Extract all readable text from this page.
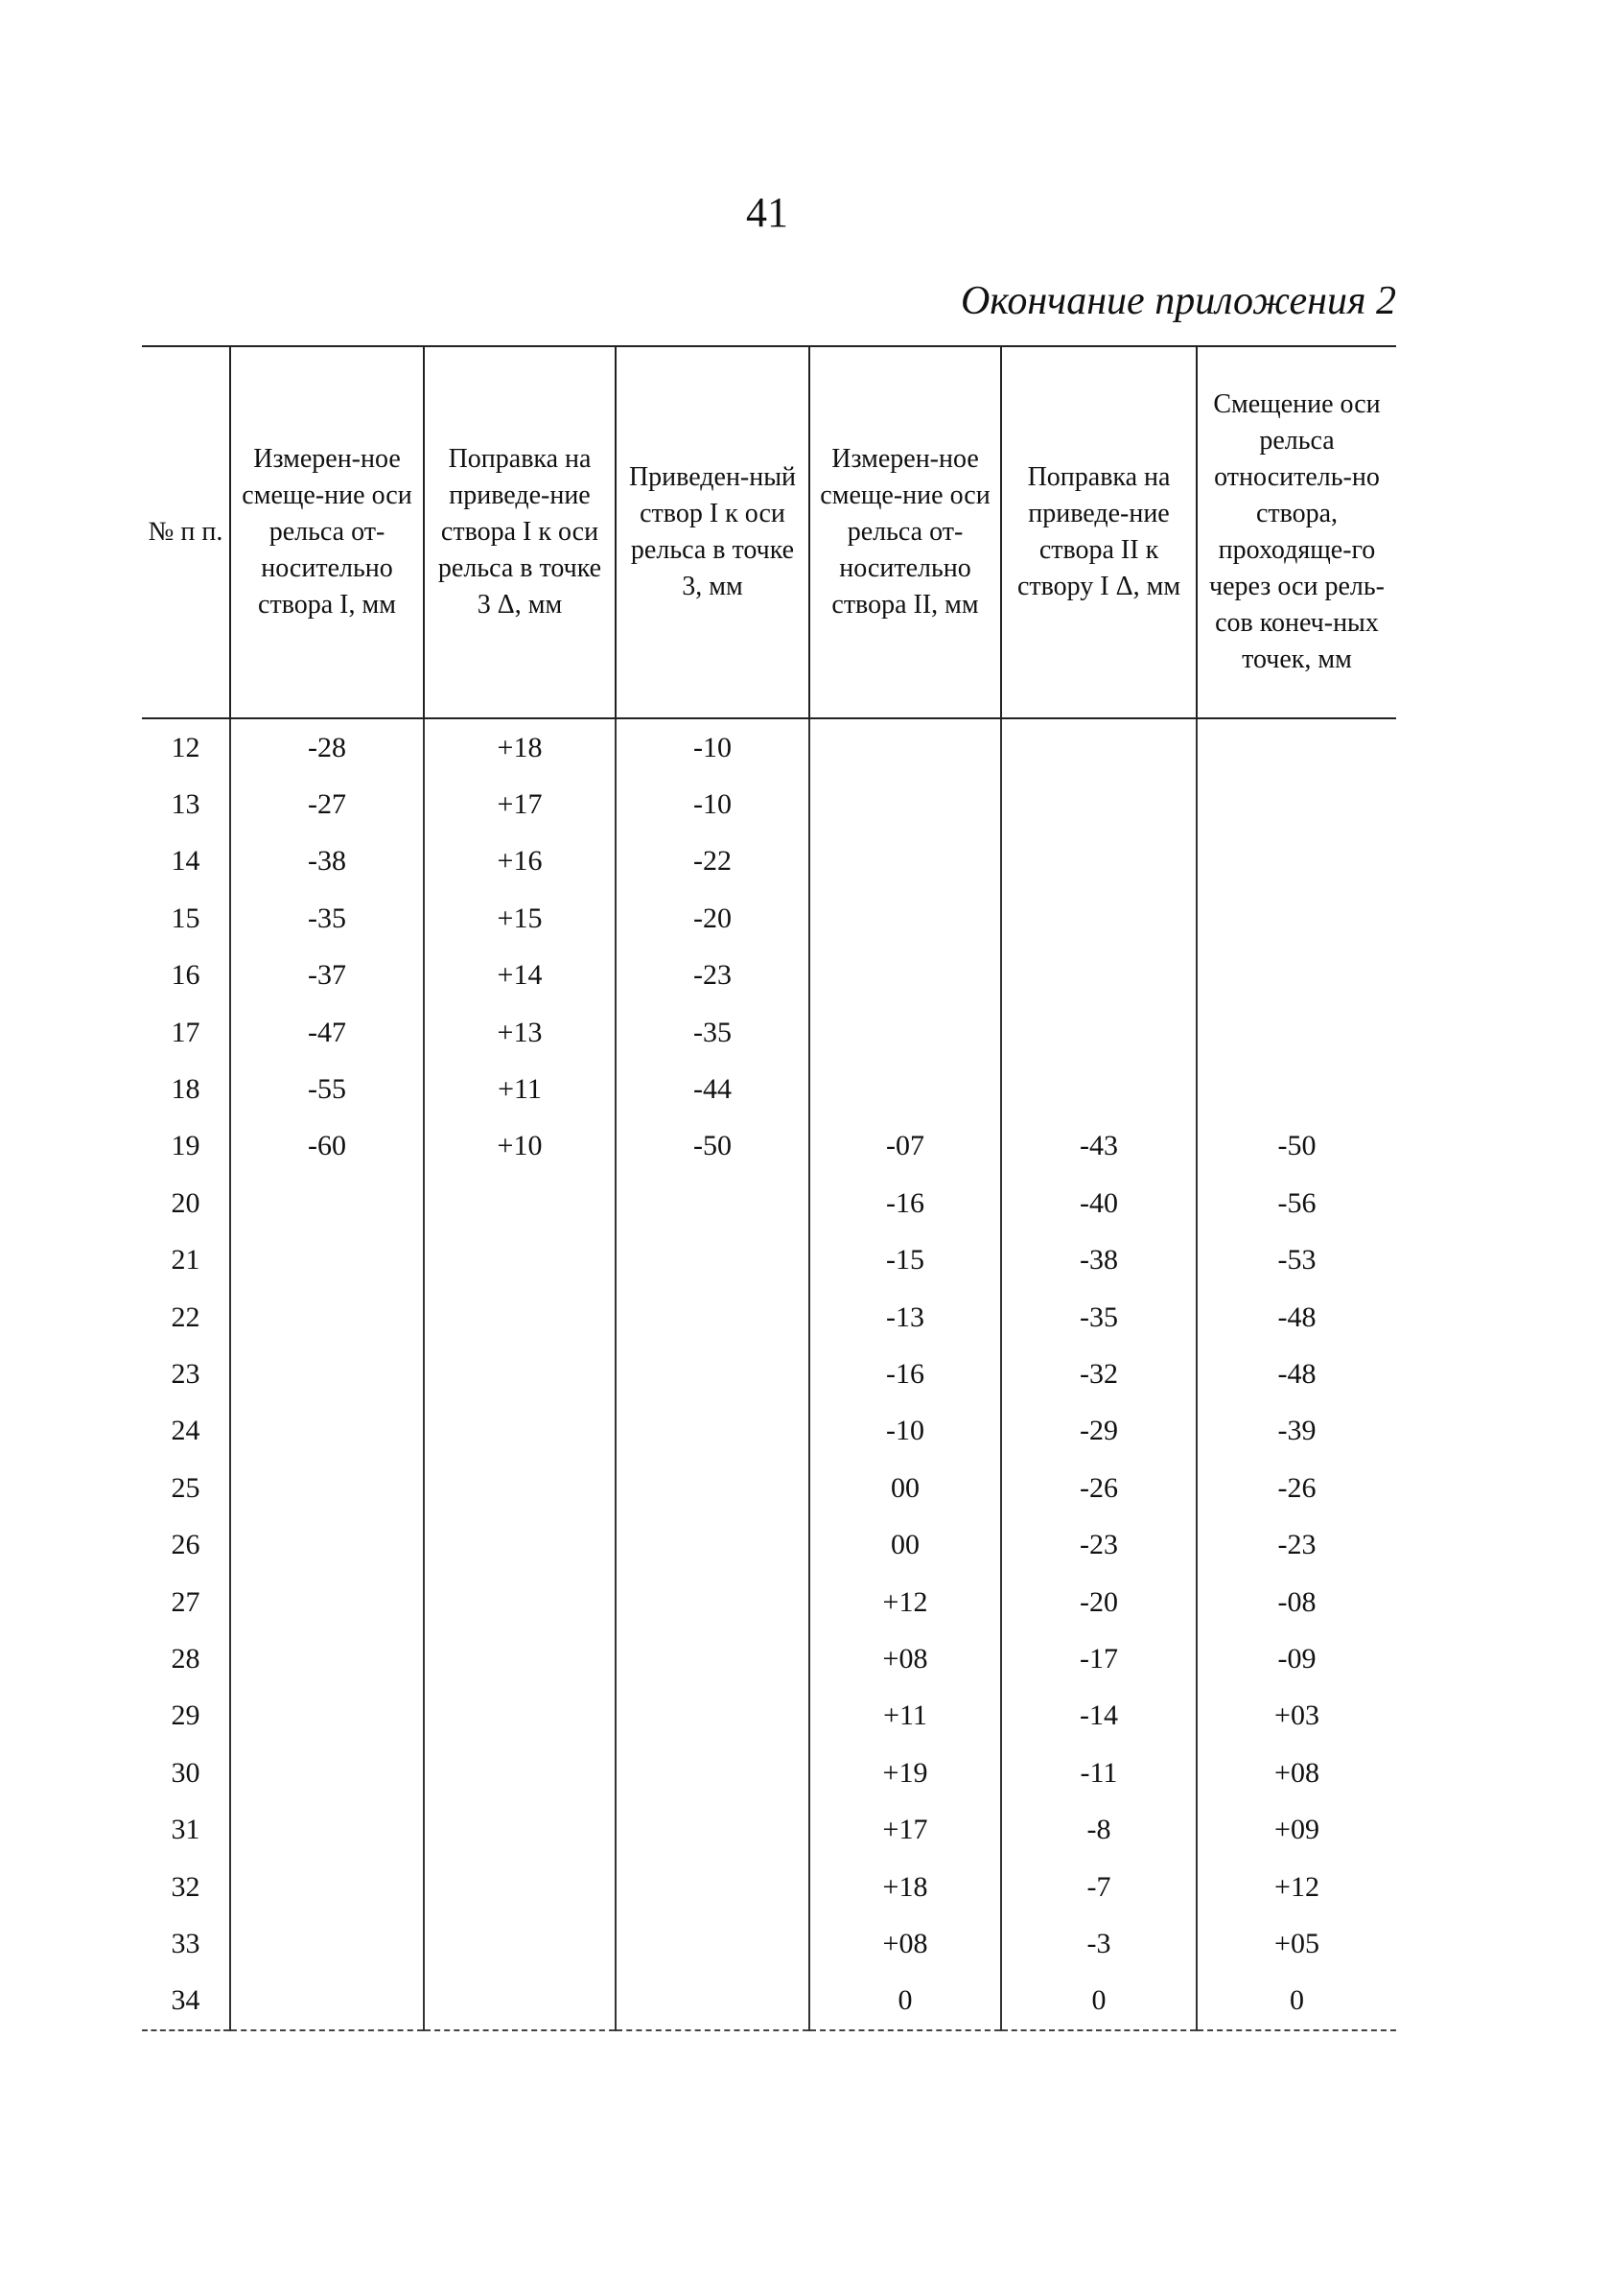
41
Окончание приложения 2
№ п п.	Измерен-ное смеще-ние оси рельса от-носительно створа I, мм	Поправка на приведе-ние створа I к оси рельса в точке 3 Δ, мм	Приведен-ный створ I к оси рельса в точке 3, мм	Измерен-ное смеще-ние оси рельса от-носительно створа II, мм	Поправка на приведе-ние створа II к створу I Δ, мм	Смещение оси рельса относитель-но створа, проходяще-го через оси рель-сов конеч-ных точек, мм
12	-28	+18	-10			
13	-27	+17	-10			
14	-38	+16	-22			
15	-35	+15	-20			
16	-37	+14	-23			
17	-47	+13	-35			
18	-55	+11	-44			
19	-60	+10	-50	-07	-43	-50
20				-16	-40	-56
21				-15	-38	-53
22				-13	-35	-48
23				-16	-32	-48
24				-10	-29	-39
25				00	-26	-26
26				00	-23	-23
27				+12	-20	-08
28				+08	-17	-09
29				+11	-14	+03
30				+19	-11	+08
31				+17	-8	+09
32				+18	-7	+12
33				+08	-3	+05
34				0	0	0
